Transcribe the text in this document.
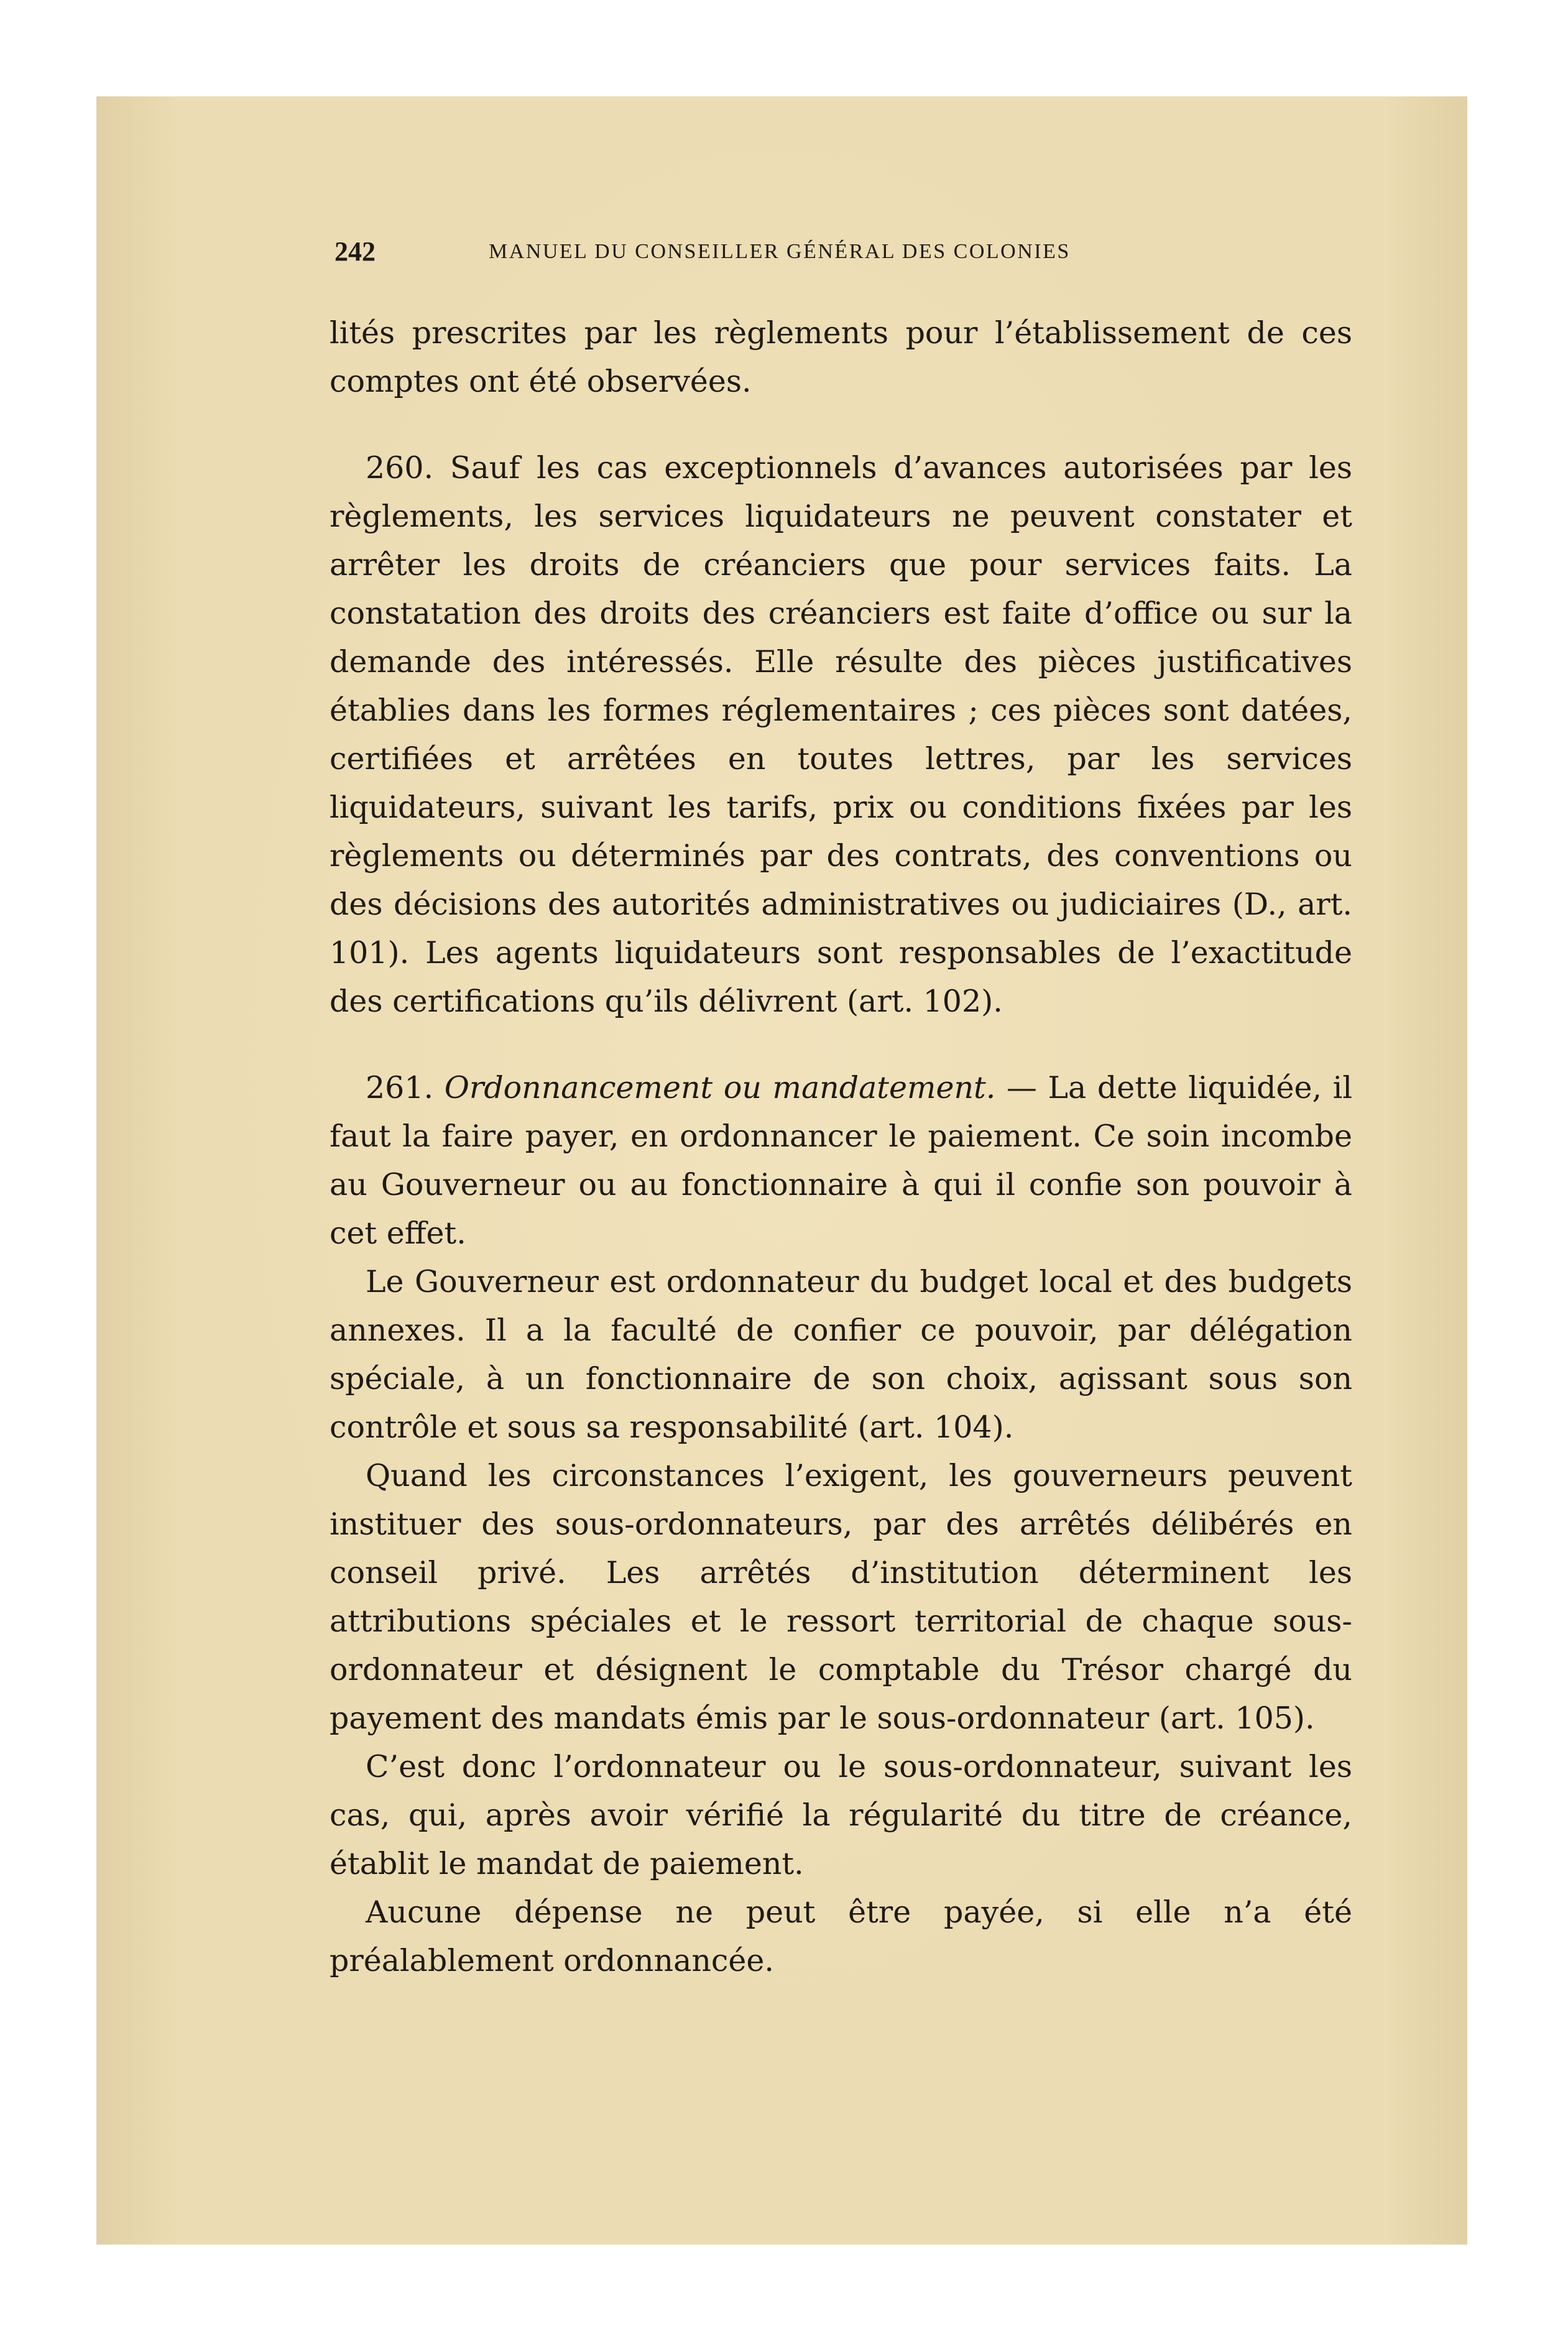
242	MANUEL DU CONSEILLER GÉNÉRAL DES COLONIES

lités prescrites par les règlements pour l’établissement de ces comptes ont été observées.

260. Sauf les cas exceptionnels d’avances autorisées par les règlements, les services liquidateurs ne peuvent constater et arrêter les droits de créanciers que pour services faits. La constatation des droits des créanciers est faite d’office ou sur la demande des intéressés. Elle résulte des pièces justificatives établies dans les formes réglementaires ; ces pièces sont datées, certifiées et arrêtées en toutes lettres, par les services liquidateurs, suivant les tarifs, prix ou conditions fixées par les règlements ou déterminés par des contrats, des conventions ou des décisions des autorités administratives ou judiciaires (D., art. 101). Les agents liquidateurs sont responsables de l’exactitude des certifications qu’ils délivrent (art. 102).

261. Ordonnancement ou mandatement. — La dette liquidée, il faut la faire payer, en ordonnancer le paiement. Ce soin incombe au Gouverneur ou au fonctionnaire à qui il confie son pouvoir à cet effet.

Le Gouverneur est ordonnateur du budget local et des budgets annexes. Il a la faculté de confier ce pouvoir, par délégation spéciale, à un fonctionnaire de son choix, agissant sous son contrôle et sous sa responsabilité (art. 104).

Quand les circonstances l’exigent, les gouverneurs peuvent instituer des sous-ordonnateurs, par des arrêtés délibérés en conseil privé. Les arrêtés d’institution déterminent les attributions spéciales et le ressort territorial de chaque sous-ordonnateur et désignent le comptable du Trésor chargé du payement des mandats émis par le sous-ordonnateur (art. 105).

C’est donc l’ordonnateur ou le sous-ordonnateur, suivant les cas, qui, après avoir vérifié la régularité du titre de créance, établit le mandat de paiement.

Aucune dépense ne peut être payée, si elle n’a été préalablement ordonnancée.
